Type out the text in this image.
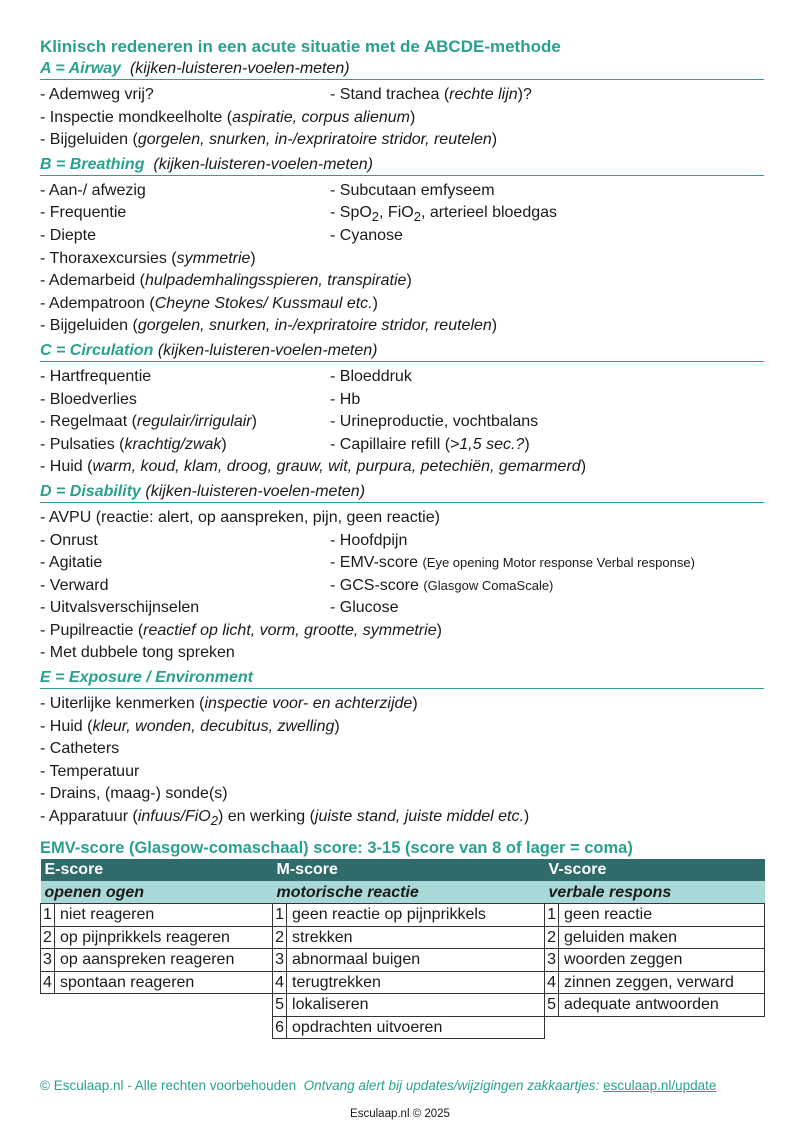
Klinisch redeneren in een acute situatie met de ABCDE-methode
A = Airway (kijken-luisteren-voelen-meten)
- Ademweg vrij?	- Stand trachea (rechte lijn)?
- Inspectie mondkeelholte (aspiratie, corpus alienum)
- Bijgeluiden (gorgelen, snurken, in-/expriratoire stridor, reutelen)
B = Breathing (kijken-luisteren-voelen-meten)
- Aan-/ afwezig	- Subcutaan emfyseem
- Frequentie	- SpO$_2$, FiO$_2$, arterieel bloedgas
- Diepte	- Cyanose
- Thoraxexcursies (symmetrie)
- Ademarbeid (hulpademhalingsspieren, transpiratie)
- Adempatroon (Cheyne Stokes/ Kussmaul etc.)
- Bijgeluiden (gorgelen, snurken, in-/expriratoire stridor, reutelen)
C = Circulation (kijken-luisteren-voelen-meten)
- Hartfrequentie	- Bloeddruk
- Bloedverlies	- Hb
- Regelmaat (regulair/irrigulair)	- Urineproductie, vochtbalans
- Pulsaties (krachtig/zwak)	- Capillaire refill (>1,5 sec.?)
- Huid (warm, koud, klam, droog, grauw, wit, purpura, petechiën, gemarmerd)
D = Disability (kijken-luisteren-voelen-meten)
- AVPU (reactie: alert, op aanspreken, pijn, geen reactie)
- Onrust	- Hoofdpijn
- Agitatie	- EMV-score (Eye opening Motor response Verbal response)
- Verward	- GCS-score (Glasgow ComaScale)
- Uitvalsverschijnselen	- Glucose
- Pupilreactie (reactief op licht, vorm, grootte, symmetrie)
- Met dubbele tong spreken
E = Exposure / Environment
- Uiterlijke kenmerken (inspectie voor- en achterzijde)
- Huid (kleur, wonden, decubitus, zwelling)
- Catheters
- Temperatuur
- Drains, (maag-) sonde(s)
- Apparatuur (infuus/FiO$_2$) en werking (juiste stand, juiste middel etc.)
EMV-score (Glasgow-comaschaal) score: 3-15 (score van 8 of lager = coma)
E-score		M-score		V-score	
openen ogen		motorische reactie		verbale respons	
1	niet reageren	1	geen reactie op pijnprikkels	1	geen reactie
2	op pijnprikkels reageren	2	strekken	2	geluiden maken
3	op aanspreken reageren	3	abnormaal buigen	3	woorden zeggen
4	spontaan reageren	4	terugtrekken	4	zinnen zeggen, verward
		5	lokaliseren	5	adequate antwoorden
		6	opdrachten uitvoeren		
© Esculaap.nl - Alle rechten voorbehouden Ontvang alert bij updates/wijzigingen zakkaartjes: esculaap.nl/update
Esculaap.nl © 2025
